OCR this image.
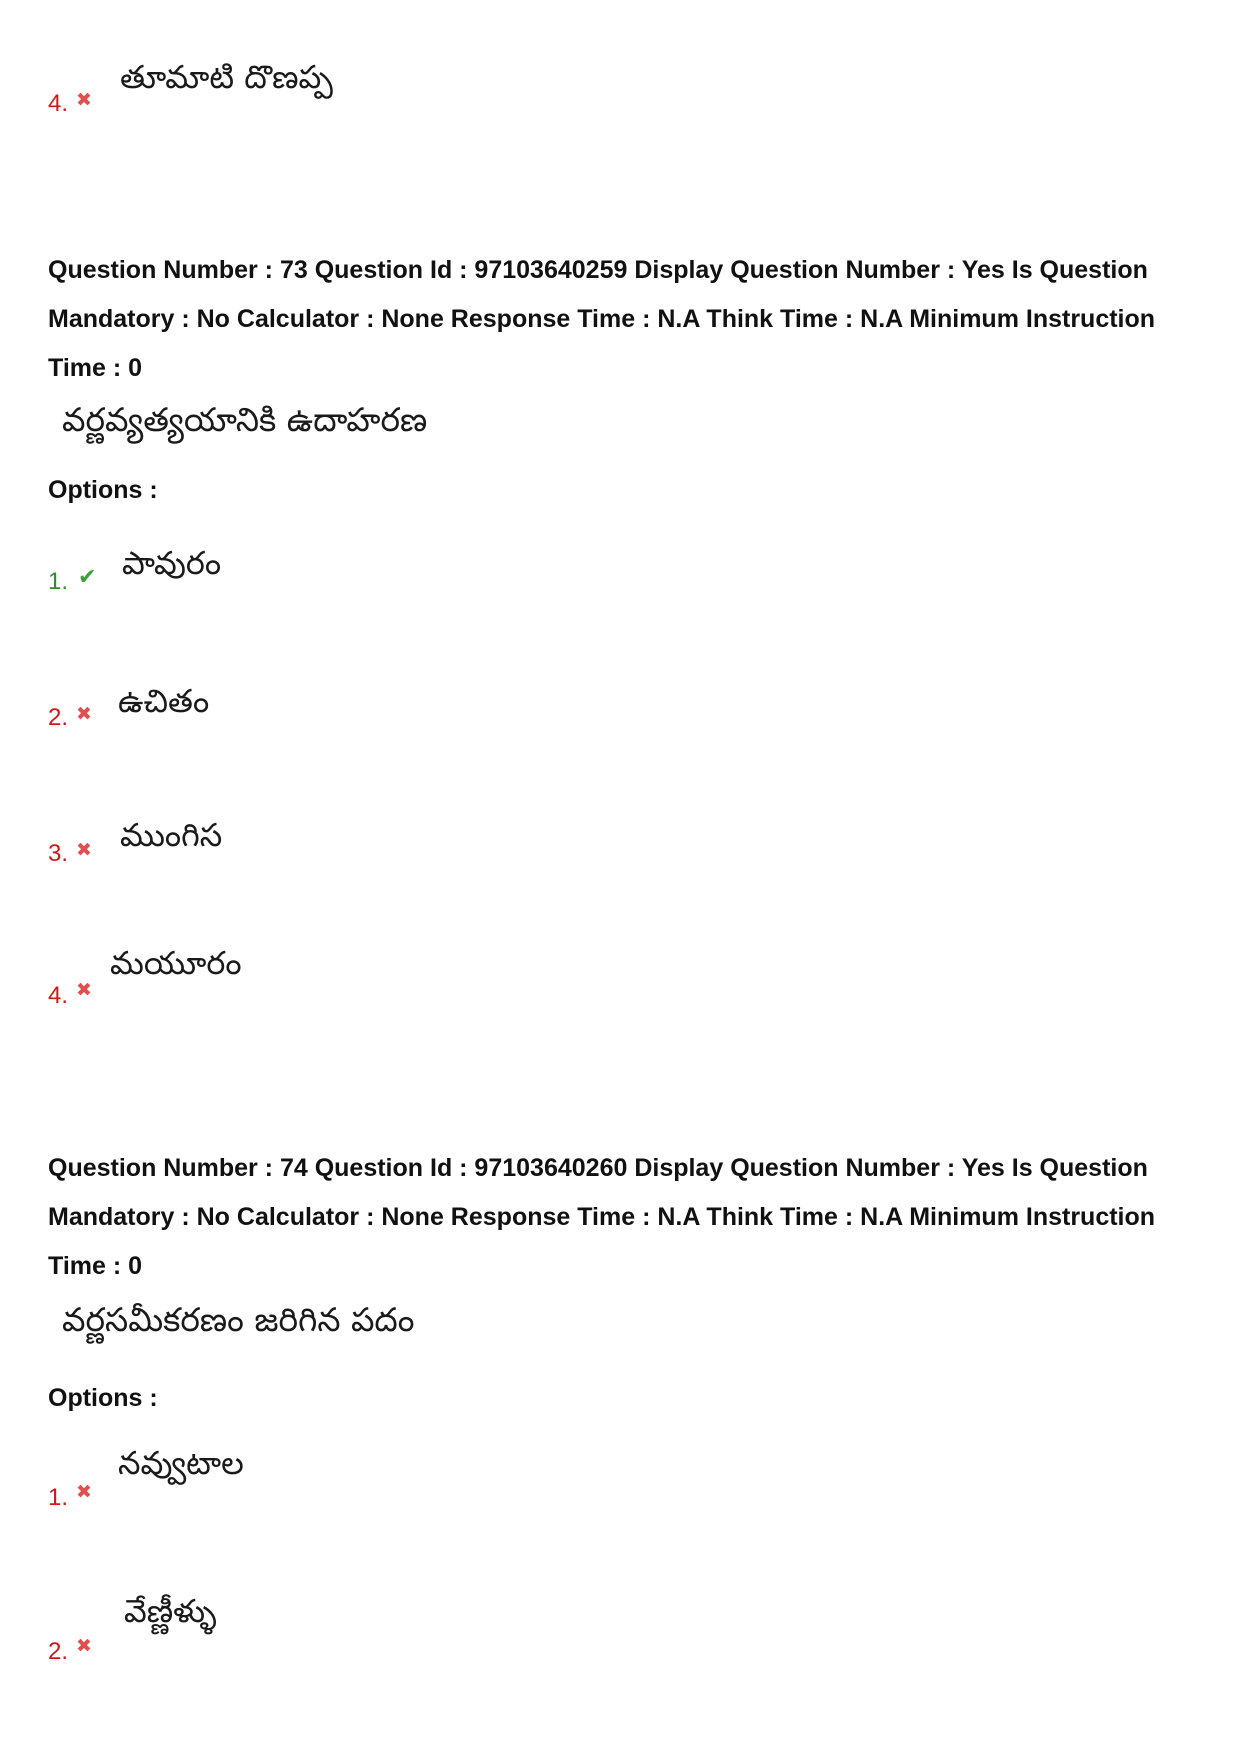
4. ✖
తూమాటి దొణప్ప

Question Number : 73 Question Id : 97103640259 Display Question Number : Yes Is Question Mandatory : No Calculator : None Response Time : N.A Think Time : N.A Minimum Instruction Time : 0

వర్ణవ్యత్యయానికి ఉదాహరణ
Options :
1. ✔ పావురం
2. ✖ ఉచితం
3. ✖ ముంగిస
4. ✖
మయూరం

Question Number : 74 Question Id : 97103640260 Display Question Number : Yes Is Question Mandatory : No Calculator : None Response Time : N.A Think Time : N.A Minimum Instruction Time : 0

వర్ణసమీకరణం జరిగిన పదం
Options :
1. ✖
నవ్వుటాల
2. ✖
వేణ్ణీళ్ళు
